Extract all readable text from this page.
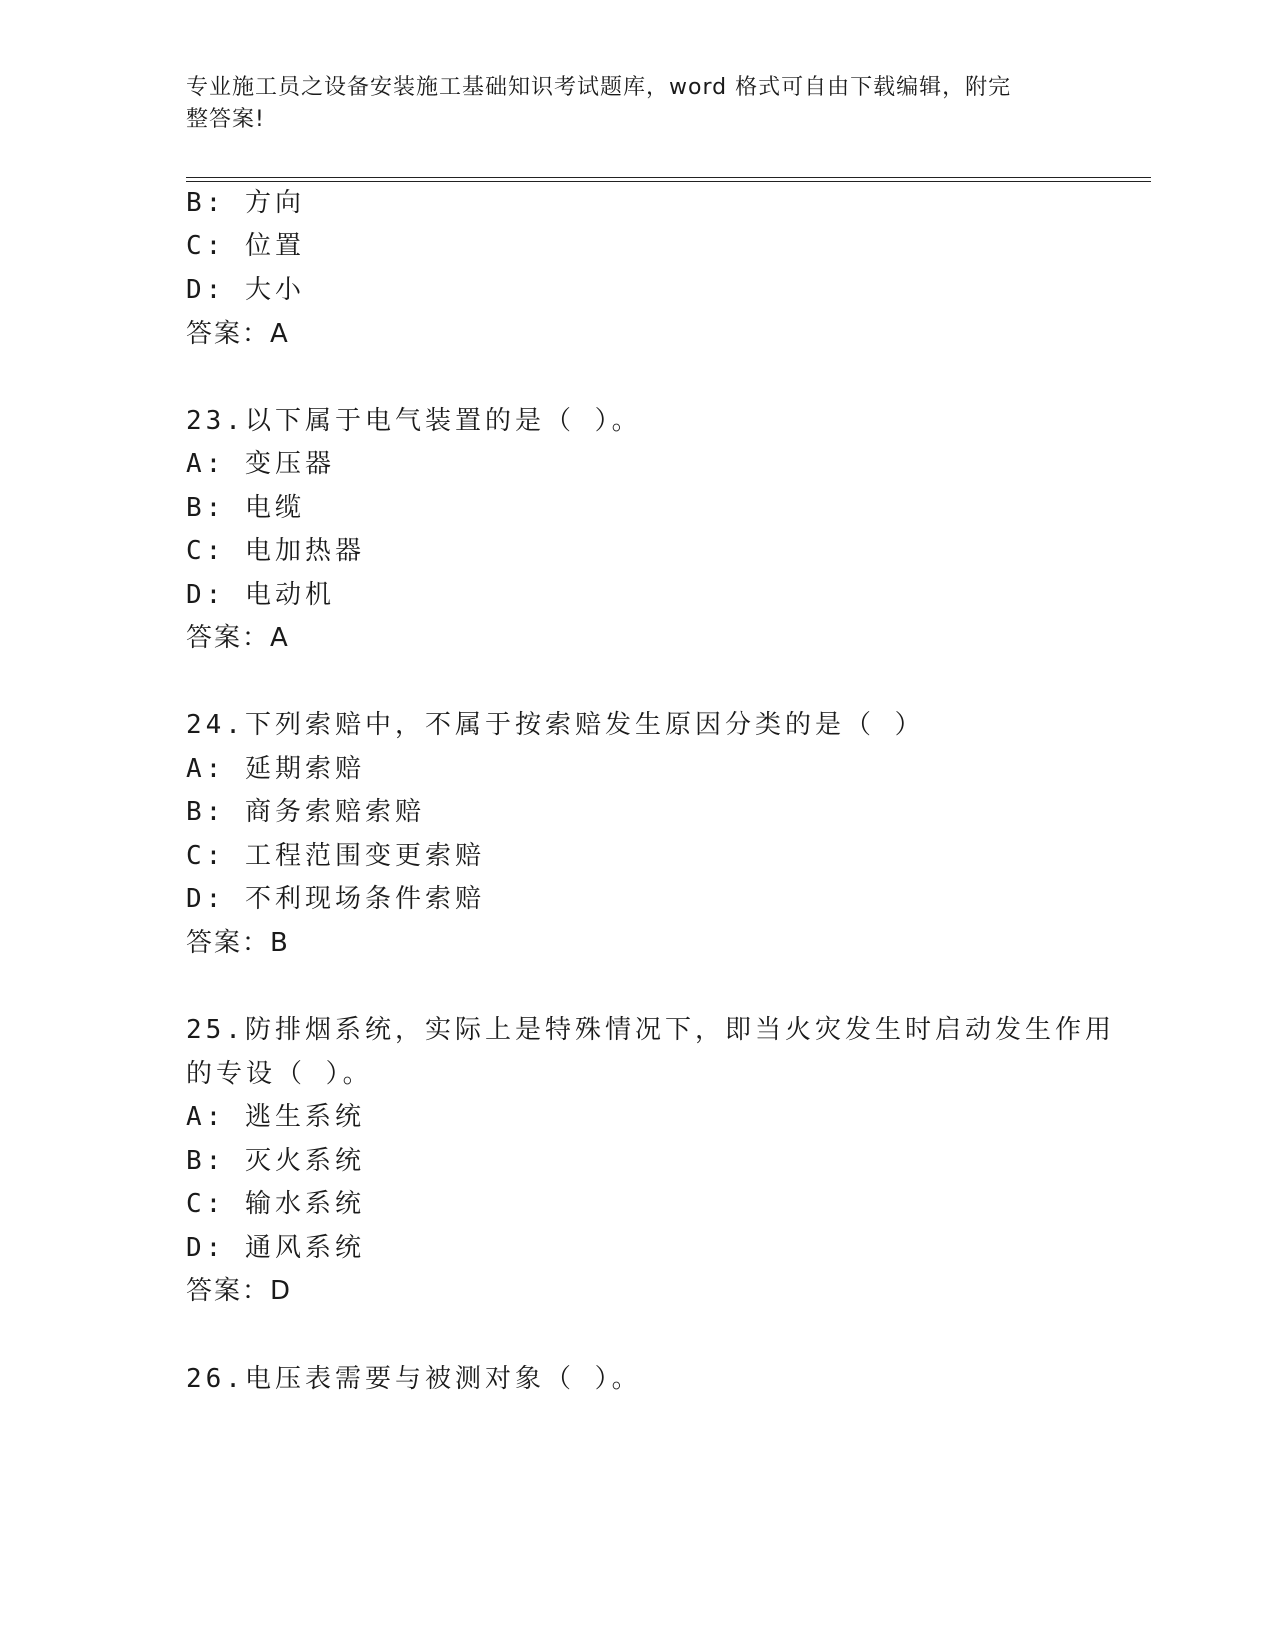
专业施工员之设备安装施工基础知识考试题库，word 格式可自由下载编辑，附完
整答案!
B: 方向
C: 位置
D: 大小
答案：A
23.以下属于电气装置的是（ ）。
A: 变压器
B: 电缆
C: 电加热器
D: 电动机
答案：A
24.下列索赔中，不属于按索赔发生原因分类的是（ ）
A: 延期索赔
B: 商务索赔索赔
C: 工程范围变更索赔
D: 不利现场条件索赔
答案：B
25.防排烟系统，实际上是特殊情况下，即当火灾发生时启动发生作用
的专设（ ）。
A: 逃生系统
B: 灭火系统
C: 输水系统
D: 通风系统
答案：D
26.电压表需要与被测对象（ ）。
